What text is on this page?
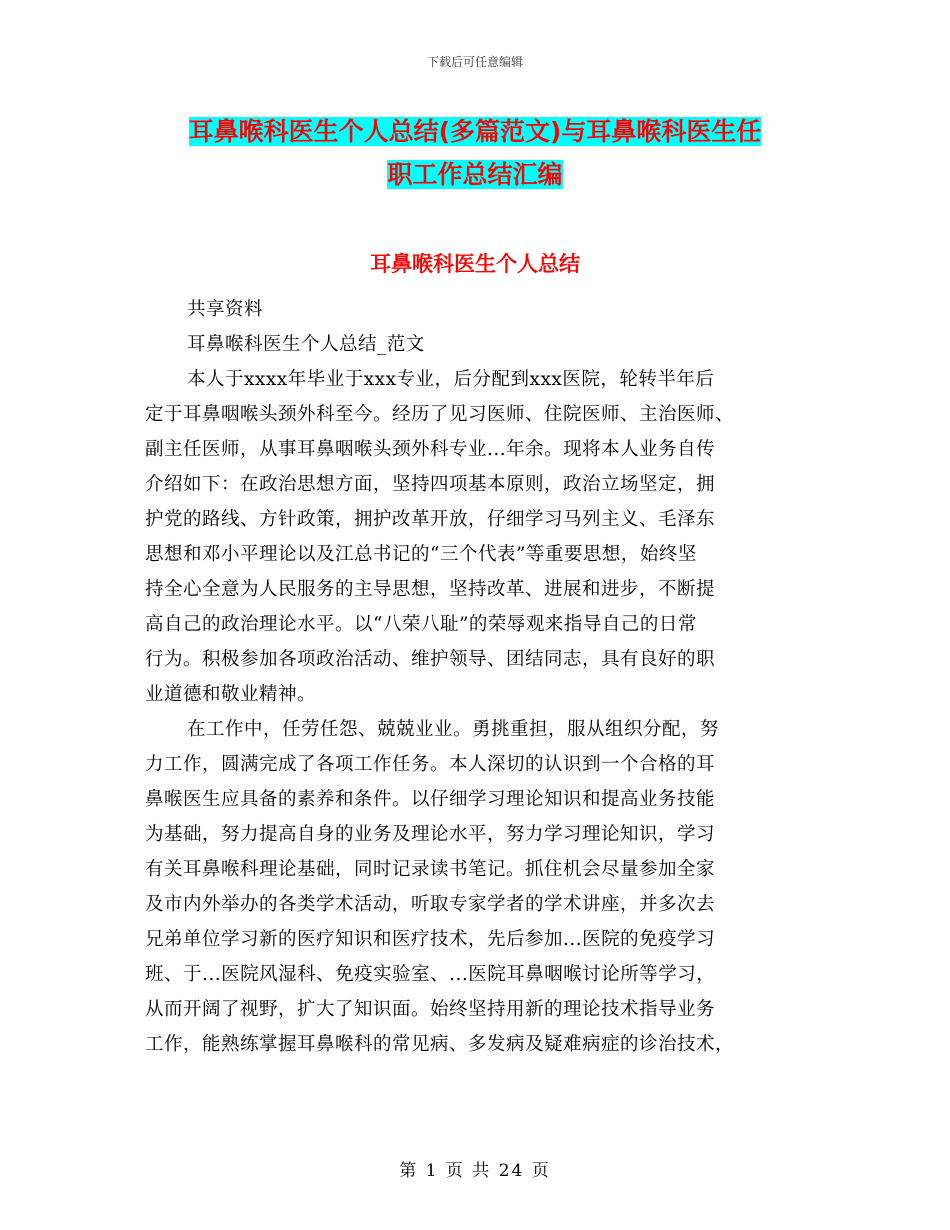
下载后可任意编辑
耳鼻喉科医生个人总结(多篇范文)与耳鼻喉科医生任
职工作总结汇编
耳鼻喉科医生个人总结
共享资料
耳鼻喉科医生个人总结_范文
本人于xxxx年毕业于xxx专业，后分配到xxx医院，轮转半年后
定于耳鼻咽喉头颈外科至今。经历了见习医师、住院医师、主治医师、
副主任医师，从事耳鼻咽喉头颈外科专业...年余。现将本人业务自传
介绍如下：在政治思想方面，坚持四项基本原则，政治立场坚定，拥
护党的路线、方针政策，拥护改革开放，仔细学习马列主义、毛泽东
思想和邓小平理论以及江总书记的“三个代表”等重要思想，始终坚
持全心全意为人民服务的主导思想，坚持改革、进展和进步，不断提
高自己的政治理论水平。以“八荣八耻”的荣辱观来指导自己的日常
行为。积极参加各项政治活动、维护领导、团结同志，具有良好的职
业道德和敬业精神。
在工作中，任劳任怨、兢兢业业。勇挑重担，服从组织分配，努
力工作，圆满完成了各项工作任务。本人深切的认识到一个合格的耳
鼻喉医生应具备的素养和条件。以仔细学习理论知识和提高业务技能
为基础，努力提高自身的业务及理论水平，努力学习理论知识，学习
有关耳鼻喉科理论基础，同时记录读书笔记。抓住机会尽量参加全家
及市内外举办的各类学术活动，听取专家学者的学术讲座，并多次去
兄弟单位学习新的医疗知识和医疗技术，先后参加...医院的免疫学习
班、于...医院风湿科、免疫实验室、...医院耳鼻咽喉讨论所等学习，
从而开阔了视野，扩大了知识面。始终坚持用新的理论技术指导业务
工作，能熟练掌握耳鼻喉科的常见病、多发病及疑难病症的诊治技术，
第 1 页 共 24 页
